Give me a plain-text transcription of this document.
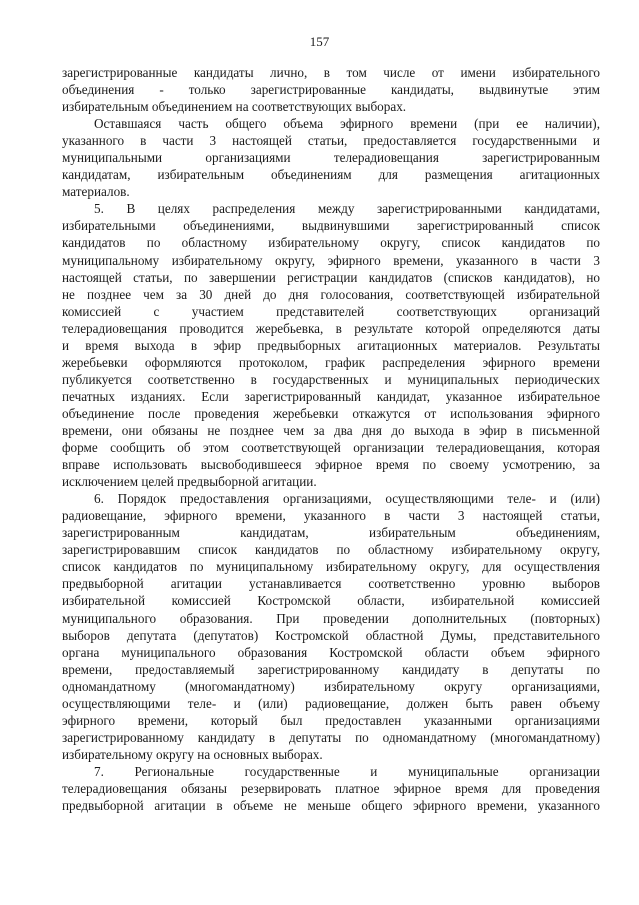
157
зарегистрированные кандидаты лично, в том числе от имени избирательного
объединения - только зарегистрированные кандидаты, выдвинутые этим
избирательным объединением на соответствующих выборах.
Оставшаяся часть общего объема эфирного времени (при ее наличии),
указанного в части 3 настоящей статьи, предоставляется государственными и
муниципальными организациями телерадиовещания зарегистрированным
кандидатам, избирательным объединениям для размещения агитационных
материалов.
5. В целях распределения между зарегистрированными кандидатами,
избирательными объединениями, выдвинувшими зарегистрированный список
кандидатов по областному избирательному округу, список кандидатов по
муниципальному избирательному округу, эфирного времени, указанного в части 3
настоящей статьи, по завершении регистрации кандидатов (списков кандидатов), но
не позднее чем за 30 дней до дня голосования, соответствующей избирательной
комиссией с участием представителей соответствующих организаций
телерадиовещания проводится жеребьевка, в результате которой определяются даты
и время выхода в эфир предвыборных агитационных материалов. Результаты
жеребьевки оформляются протоколом, график распределения эфирного времени
публикуется соответственно в государственных и муниципальных периодических
печатных изданиях. Если зарегистрированный кандидат, указанное избирательное
объединение после проведения жеребьевки откажутся от использования эфирного
времени, они обязаны не позднее чем за два дня до выхода в эфир в письменной
форме сообщить об этом соответствующей организации телерадиовещания, которая
вправе использовать высвободившееся эфирное время по своему усмотрению, за
исключением целей предвыборной агитации.
6. Порядок предоставления организациями, осуществляющими теле- и (или)
радиовещание, эфирного времени, указанного в части 3 настоящей статьи,
зарегистрированным кандидатам, избирательным объединениям,
зарегистрировавшим список кандидатов по областному избирательному округу,
список кандидатов по муниципальному избирательному округу, для осуществления
предвыборной агитации устанавливается соответственно уровню выборов
избирательной комиссией Костромской области, избирательной комиссией
муниципального образования. При проведении дополнительных (повторных)
выборов депутата (депутатов) Костромской областной Думы, представительного
органа муниципального образования Костромской области объем эфирного
времени, предоставляемый зарегистрированному кандидату в депутаты по
одномандатному (многомандатному) избирательному округу организациями,
осуществляющими теле- и (или) радиовещание, должен быть равен объему
эфирного времени, который был предоставлен указанными организациями
зарегистрированному кандидату в депутаты по одномандатному (многомандатному)
избирательному округу на основных выборах.
7. Региональные государственные и муниципальные организации
телерадиовещания обязаны резервировать платное эфирное время для проведения
предвыборной агитации в объеме не меньше общего эфирного времени, указанного
